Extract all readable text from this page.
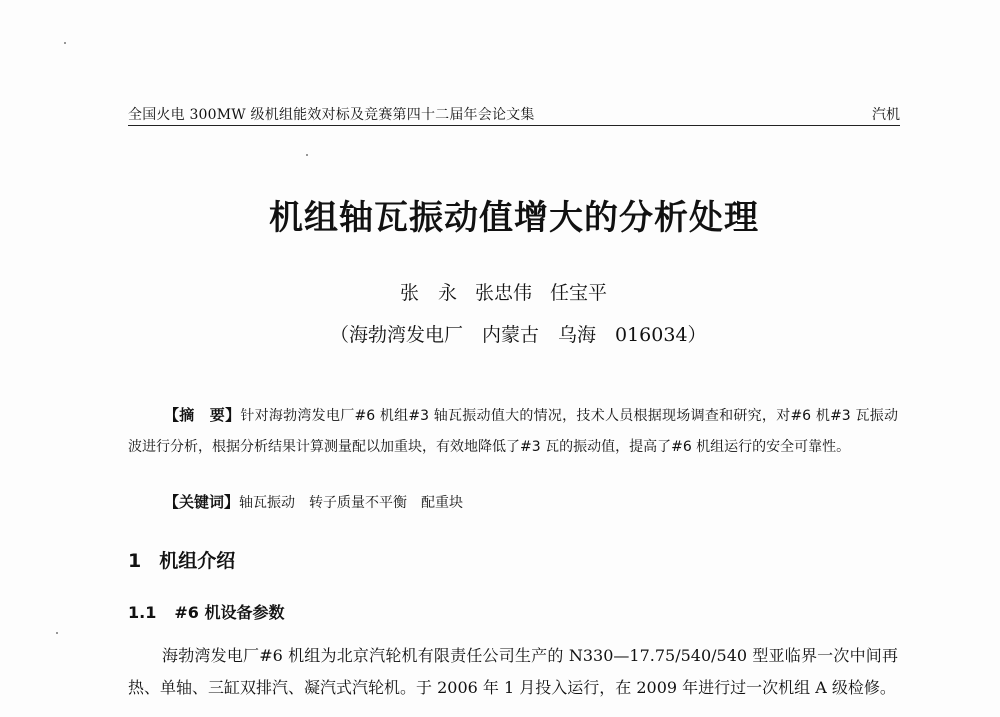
全国火电 300MW 级机组能效对标及竞赛第四十二届年会论文集	汽机
机组轴瓦振动值增大的分析处理
张　永 张忠伟 任宝平
（海勃湾发电厂　内蒙古　乌海　016034）

【摘　要】针对海勃湾发电厂#6 机组#3 轴瓦振动值大的情况，技术人员根据现场调查和研究，对#6 机#3 瓦振动波进行分析，根据分析结果计算测量配以加重块，有效地降低了#3 瓦的振动值，提高了#6 机组运行的安全可靠性。

【关键词】轴瓦振动 转子质量不平衡 配重块

1 机组介绍
1.1 #6 机设备参数

海勃湾发电厂#6 机组为北京汽轮机有限责任公司生产的 N330—17.75/540/540 型亚临界一次中间再热、单轴、三缸双排汽、凝汽式汽轮机。于 2006 年 1 月投入运行，在 2009 年进行过一次机组 A 级检修。
